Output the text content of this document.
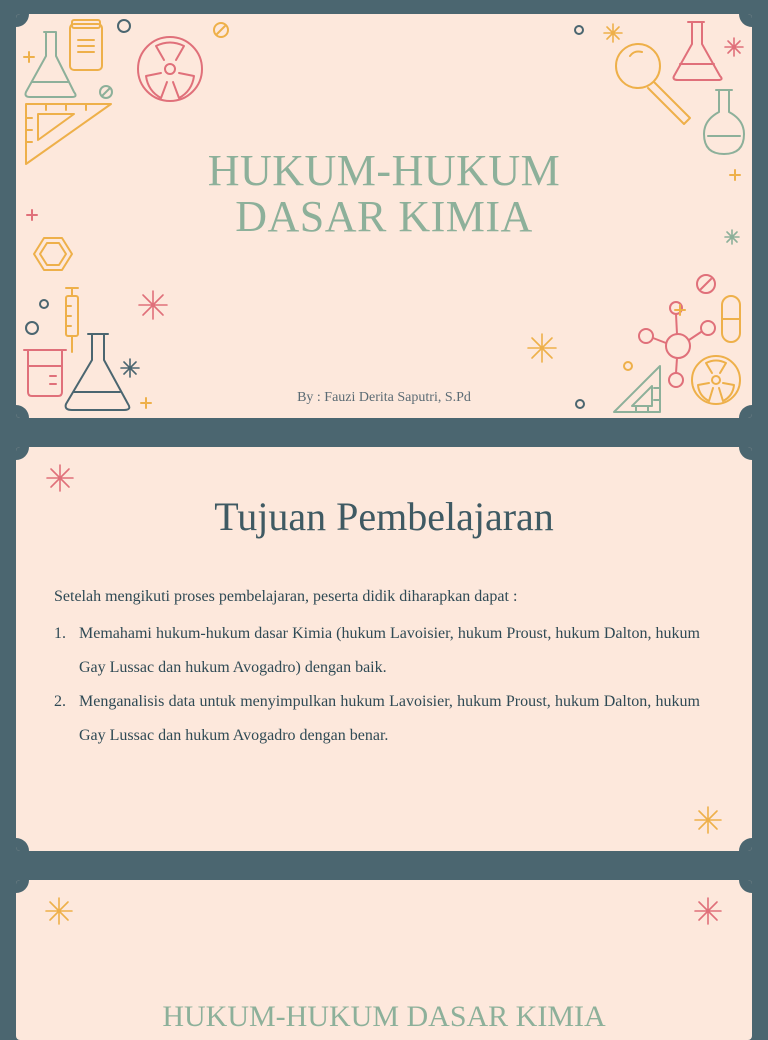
HUKUM-HUKUM
DASAR KIMIA
By : Fauzi Derita Saputri, S.Pd
Tujuan Pembelajaran
Setelah mengikuti proses pembelajaran, peserta didik diharapkan dapat :
1. Memahami hukum-hukum dasar Kimia (hukum Lavoisier, hukum Proust, hukum Dalton, hukum Gay Lussac dan hukum Avogadro) dengan baik.
2. Menganalisis data untuk menyimpulkan hukum Lavoisier, hukum Proust, hukum Dalton, hukum Gay Lussac dan hukum Avogadro dengan benar.
HUKUM-HUKUM DASAR KIMIA
